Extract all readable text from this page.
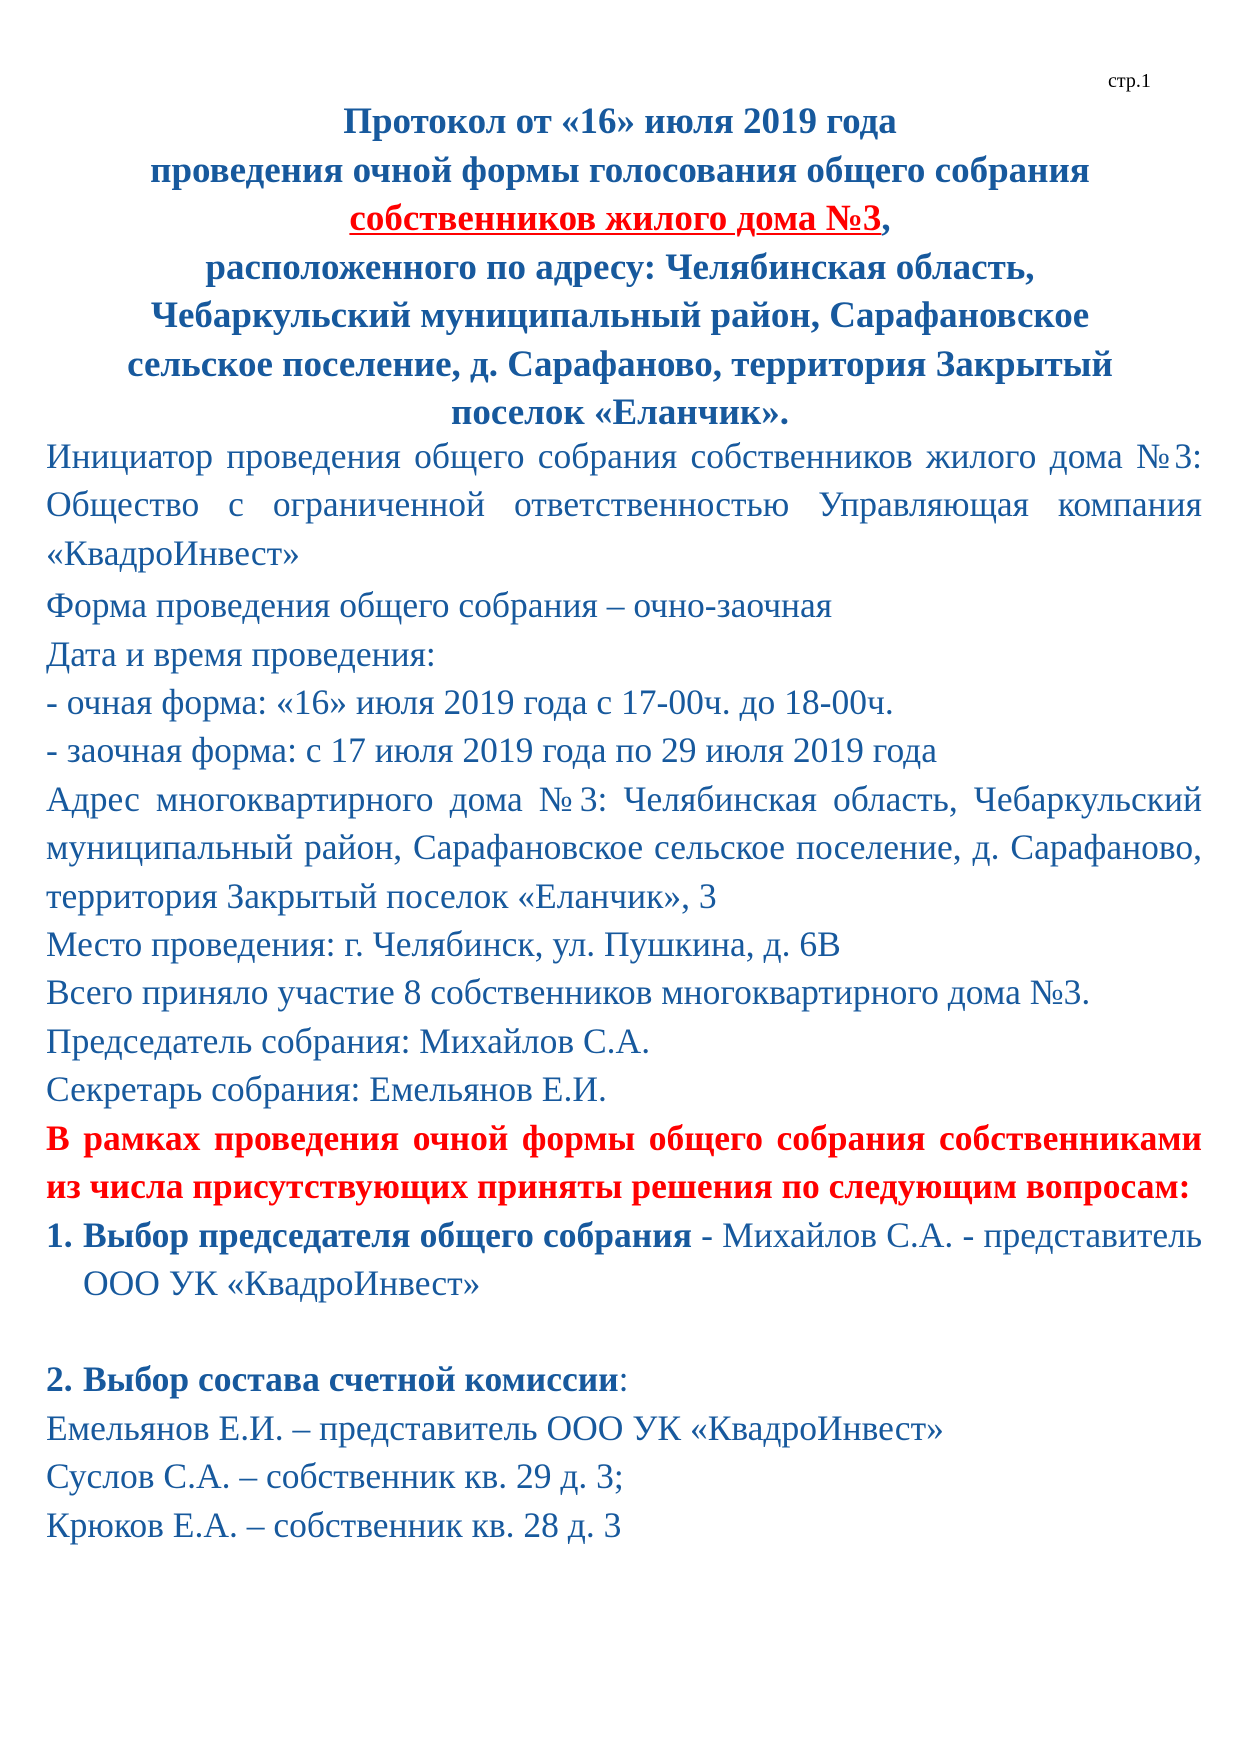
стр.1
Протокол от «16» июля 2019 года
проведения очной формы голосования общего собрания
собственников жилого дома №3,
расположенного по адресу: Челябинская область,
Чебаркульский муниципальный район, Сарафановское
сельское поселение, д. Сарафаново, территория Закрытый
поселок «Еланчик».

Инициатор проведения общего собрания собственников жилого дома №3: Общество с ограниченной ответственностью Управляющая компания «КвадроИнвест»

Форма проведения общего собрания – очно-заочная

Дата и время проведения:

- очная форма: «16» июля 2019 года с 17-00ч. до 18-00ч.

- заочная форма: с 17 июля 2019 года по 29 июля 2019 года

Адрес многоквартирного дома №3: Челябинская область, Чебаркульский муниципальный район, Сарафановское сельское поселение, д. Сарафаново, территория Закрытый поселок «Еланчик», 3

Место проведения: г. Челябинск, ул. Пушкина, д. 6В

Всего приняло участие 8 собственников многоквартирного дома №3.

Председатель собрания: Михайлов С.А.

Секретарь собрания: Емельянов Е.И.

В рамках проведения очной формы общего собрания собственниками из числа присутствующих приняты решения по следующим вопросам:

1. Выбор председателя общего собрания - Михайлов С.А. - представитель ООО УК «КвадроИнвест»
2. Выбор состава счетной комиссии:

Емельянов Е.И. – представитель ООО УК «КвадроИнвест»

Суслов С.А. – собственник кв. 29 д. 3;

Крюков Е.А. – собственник кв. 28 д. 3
